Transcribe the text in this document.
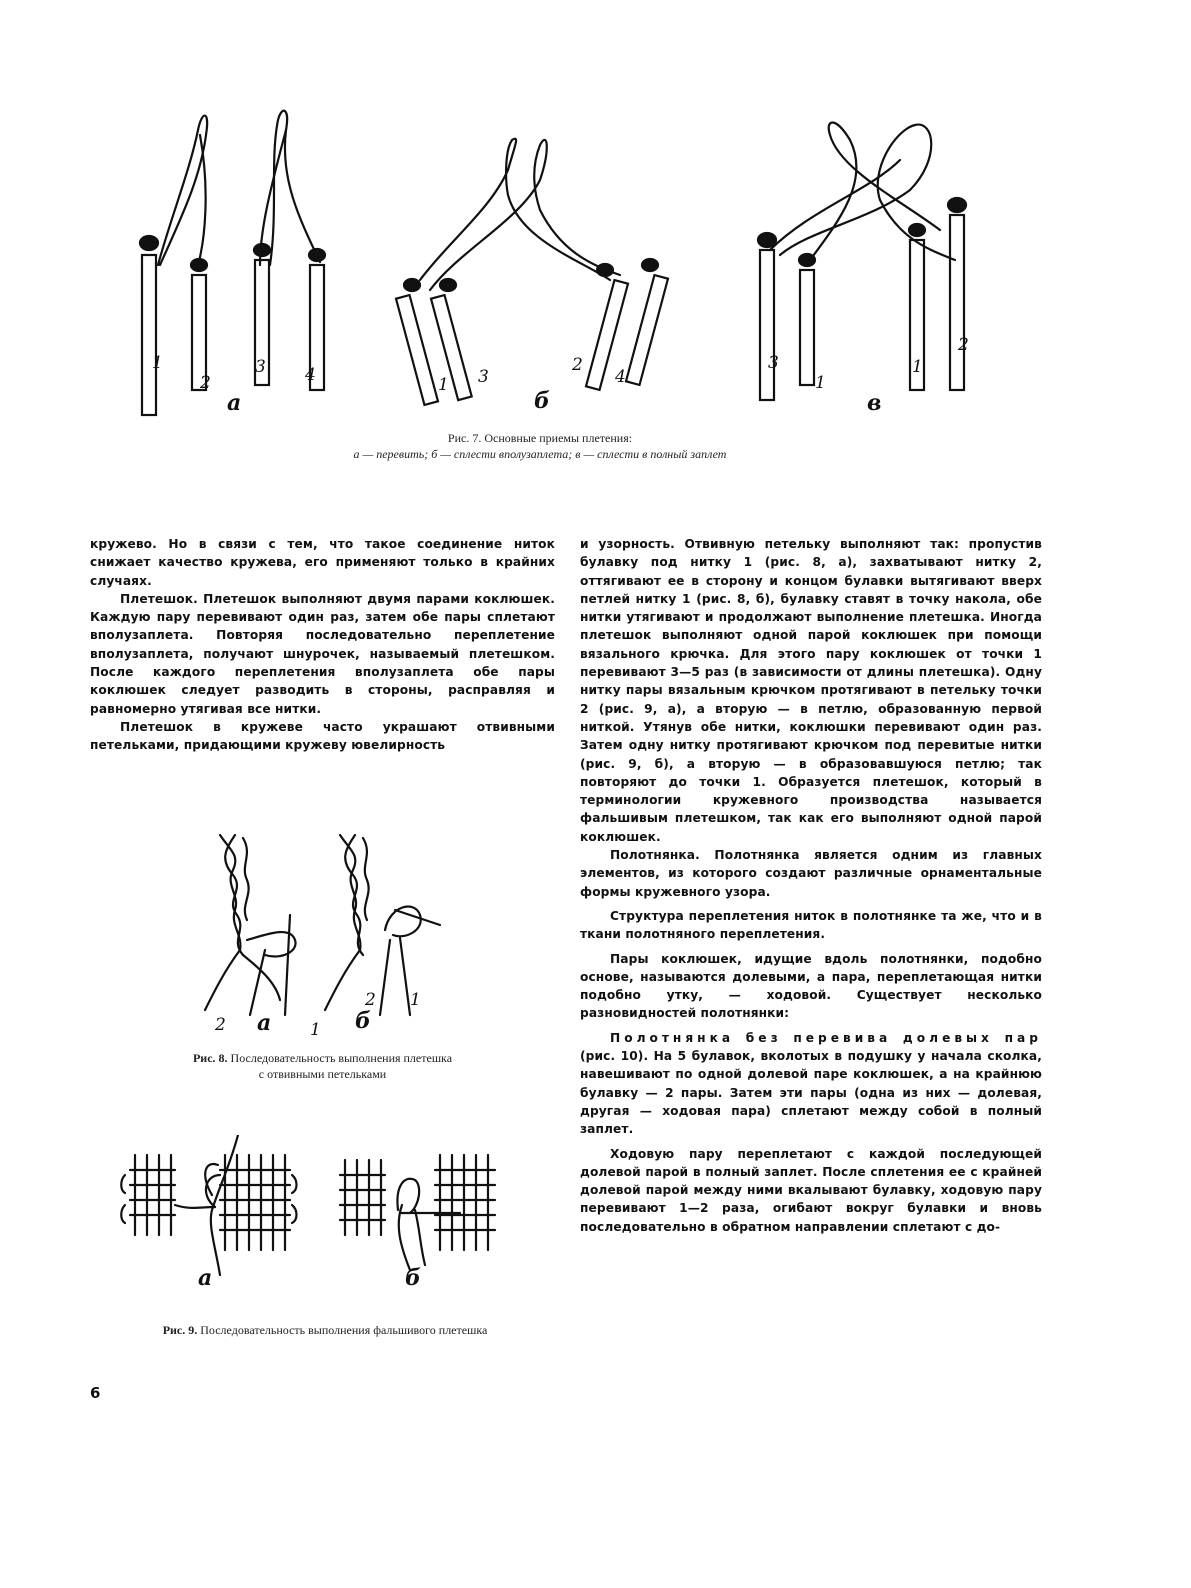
1
2
3 4
а
1 3
2
4
б
3
1
1
2
в
Рис. 7. Основные приемы плетения:
а — перевить; б — сплести вполузаплета; в — сплести в полный заплет

кружево. Но в связи с тем, что такое соединение ниток снижает качество кружева, его применяют только в крайних случаях.

Плетешок. Плетешок выполняют двумя парами коклюшек. Каждую пару перевивают один раз, затем обе пары сплетают вполузаплета. Повторяя последовательно переплетение вполузаплета, получают шнурочек, называемый плетешком. После каждого переплетения вполузаплета обе пары коклюшек следует разводить в стороны, расправляя и равномерно утягивая все нитки.

Плетешок в кружеве часто украшают отвивными петельками, придающими кружеву ювелирность

2	1
2 1
а	б
Рис. 8. Последовательность выполнения плетешка с отвивными петельками
а	б
Рис. 9. Последовательность выполнения фальшивого плетешка

и узорность. Отвивную петельку выполняют так: пропустив булавку под нитку 1 (рис. 8, а), захватывают нитку 2, оттягивают ее в сторону и концом булавки вытягивают вверх петлей нитку 1 (рис. 8, б), булавку ставят в точку накола, обе нитки утягивают и продолжают выполнение плетешка. Иногда плетешок выполняют одной парой коклюшек при помощи вязального крючка. Для этого пару коклюшек от точки 1 перевивают 3—5 раз (в зависимости от длины плетешка). Одну нитку пары вязальным крючком протягивают в петельку точки 2 (рис. 9, а), а вторую — в петлю, образованную первой ниткой. Утянув обе нитки, коклюшки перевивают один раз. Затем одну нитку протягивают крючком под перевитые нитки (рис. 9, б), а вторую — в образовавшуюся петлю; так повторяют до точки 1. Образуется плетешок, который в терминологии кружевного производства называется фальшивым плетешком, так как его выполняют одной парой коклюшек.

Полотнянка. Полотнянка является одним из главных элементов, из которого создают различные орнаментальные формы кружевного узора.

Структура переплетения ниток в полотнянке та же, что и в ткани полотняного переплетения.

Пары коклюшек, идущие вдоль полотнянки, подобно основе, называются долевыми, а пара, переплетающая нитки подобно утку, — ходовой. Существует несколько разновидностей полотнянки:

Полотнянка без перевива долевых пар (рис. 10). На 5 булавок, вколотых в подушку у начала сколка, навешивают по одной долевой паре коклюшек, а на крайнюю булавку — 2 пары. Затем эти пары (одна из них — долевая, другая — ходовая пара) сплетают между собой в полный заплет.

Ходовую пару переплетают с каждой последующей долевой парой в полный заплет. После сплетения ее с крайней долевой парой между ними вкалывают булавку, ходовую пару перевивают 1—2 раза, огибают вокруг булавки и вновь последовательно в обратном направлении сплетают с до-

6
